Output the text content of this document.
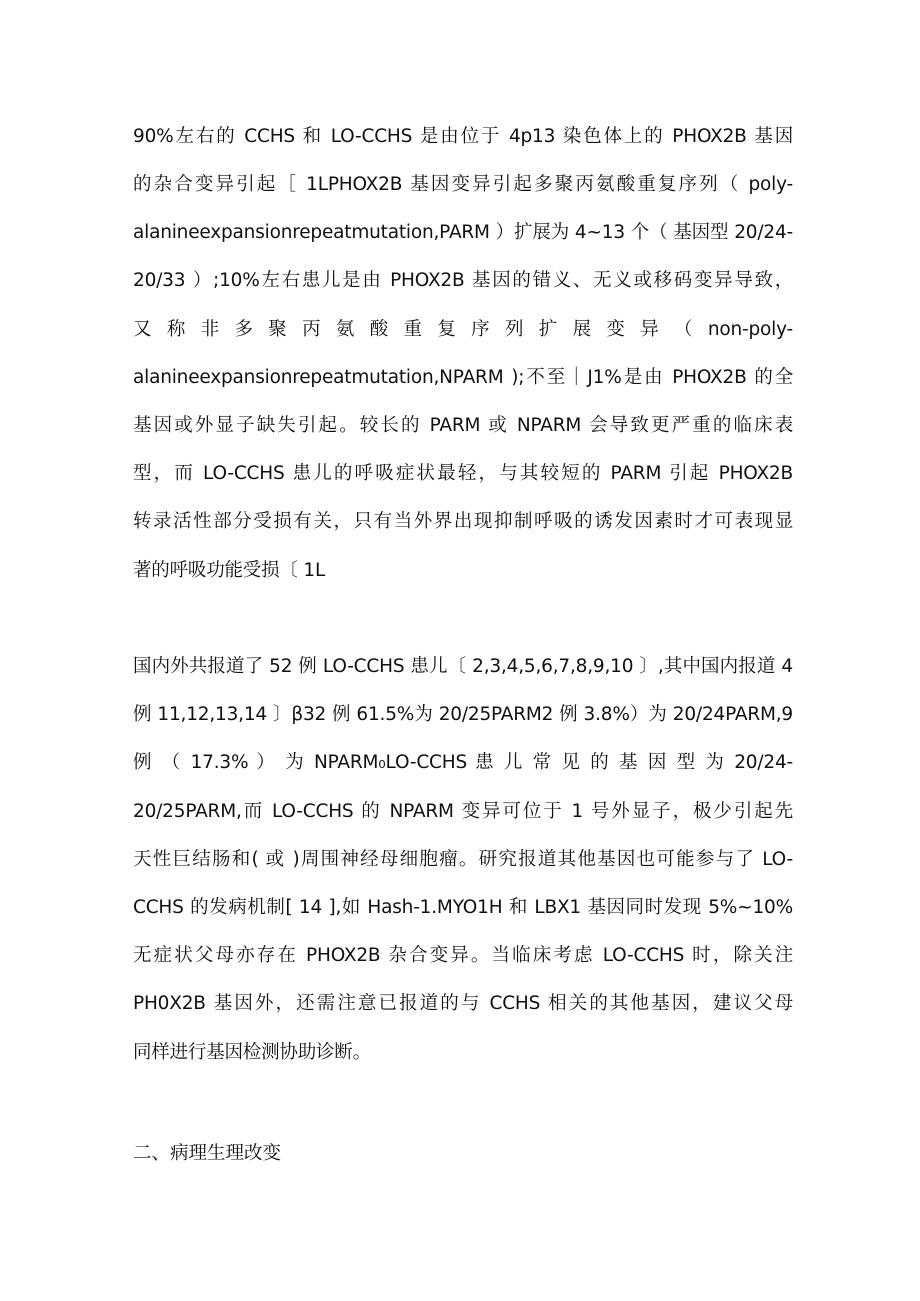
90%左右的 CCHS 和 LO-CCHS 是由位于 4p13 染色体上的 PHOX2B 基因
的杂合变异引起［ 1LPHOX2B 基因变异引起多聚丙氨酸重复序列（ poly-
alanineexpansionrepeatmutation,PARM ）扩展为 4~13 个（ 基因型 20/24-
20/33 ）;10%左右患儿是由 PHOX2B 基因的错义、无义或移码变异导致，
又 称 非 多 聚 丙 氨 酸 重 复 序 列 扩 展 变 异 （ non-poly-
alanineexpansionrepeatmutation,NPARM );不至｜J1%是由 PHOX2B 的全
基因或外显子缺失引起。较长的 PARM 或 NPARM 会导致更严重的临床表
型，而 LO-CCHS 患儿的呼吸症状最轻，与其较短的 PARM 引起 PHOX2B
转录活性部分受损有关，只有当外界出现抑制呼吸的诱发因素时才可表现显
著的呼吸功能受损〔 1L
国内外共报道了 52 例 LO-CCHS 患儿〔 2,3,4,5,6,7,8,9,10 〕,其中国内报道 4
例 11,12,13,14 〕β32 例 61.5%为 20/25PARM2 例 3.8%）为 20/24PARM,9
例 （ 17.3% ） 为 NPARM₀LO-CCHS 患 儿 常 见 的 基 因 型 为 20/24-
20/25PARM,而 LO-CCHS 的 NPARM 变异可位于 1 号外显子，极少引起先
天性巨结肠和( 或 )周围神经母细胞瘤。研究报道其他基因也可能参与了 LO-
CCHS 的发病机制[ 14 ],如 Hash-1.MYO1H 和 LBX1 基因同时发现 5%~10%
无症状父母亦存在 PHOX2B 杂合变异。当临床考虑 LO-CCHS 时，除关注
PH0X2B 基因外，还需注意已报道的与 CCHS 相关的其他基因，建议父母
同样进行基因检测协助诊断。
二、病理生理改变
